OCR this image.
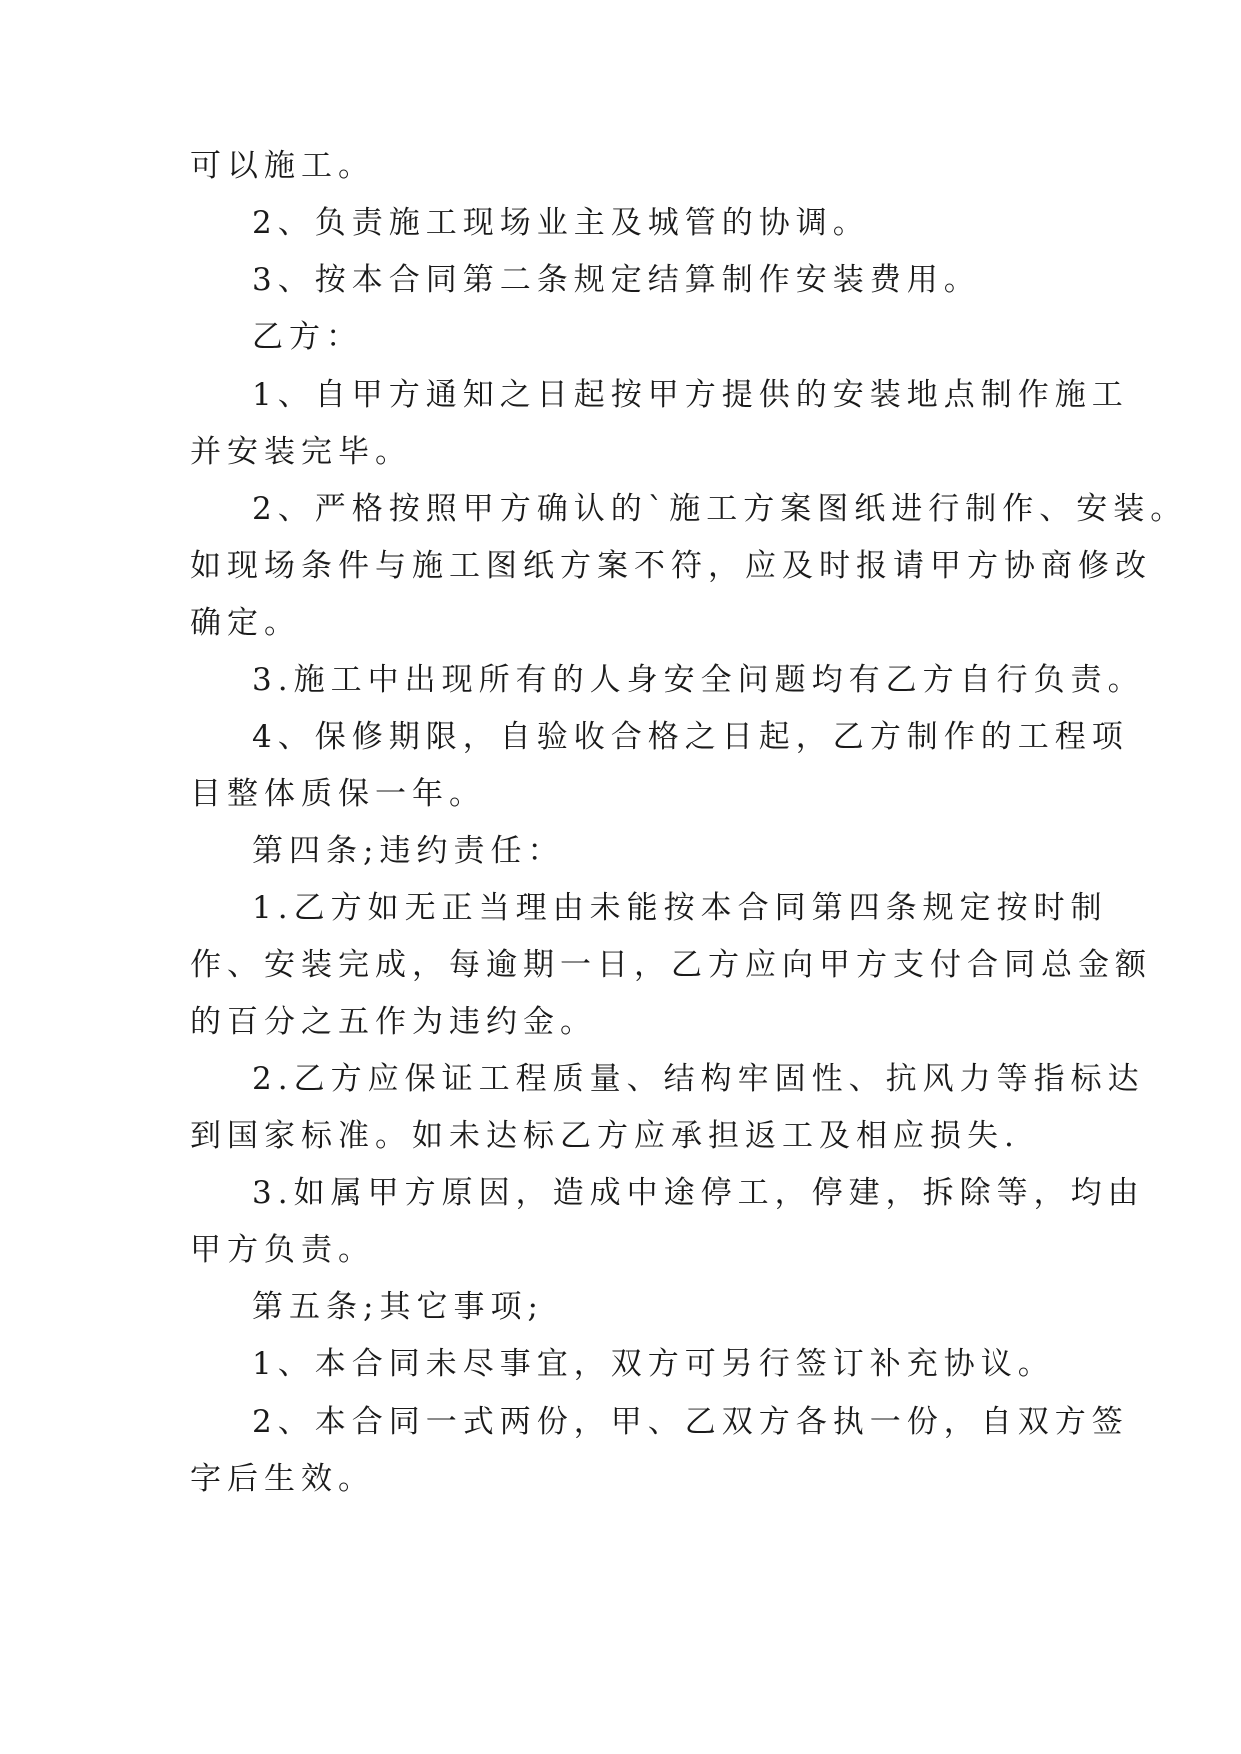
可以施工。
2、负责施工现场业主及城管的协调。
3、按本合同第二条规定结算制作安装费用。
乙方：
1、自甲方通知之日起按甲方提供的安装地点制作施工
并安装完毕。
2、严格按照甲方确认的`施工方案图纸进行制作、安装。
如现场条件与施工图纸方案不符，应及时报请甲方协商修改
确定。
3.施工中出现所有的人身安全问题均有乙方自行负责。
4、保修期限，自验收合格之日起，乙方制作的工程项
目整体质保一年。
第四条;违约责任：
1.乙方如无正当理由未能按本合同第四条规定按时制
作、安装完成，每逾期一日，乙方应向甲方支付合同总金额
的百分之五作为违约金。
2.乙方应保证工程质量、结构牢固性、抗风力等指标达
到国家标准。如未达标乙方应承担返工及相应损失.
3.如属甲方原因，造成中途停工，停建，拆除等，均由
甲方负责。
第五条;其它事项;
1、本合同未尽事宜，双方可另行签订补充协议。
2、本合同一式两份，甲、乙双方各执一份，自双方签
字后生效。
